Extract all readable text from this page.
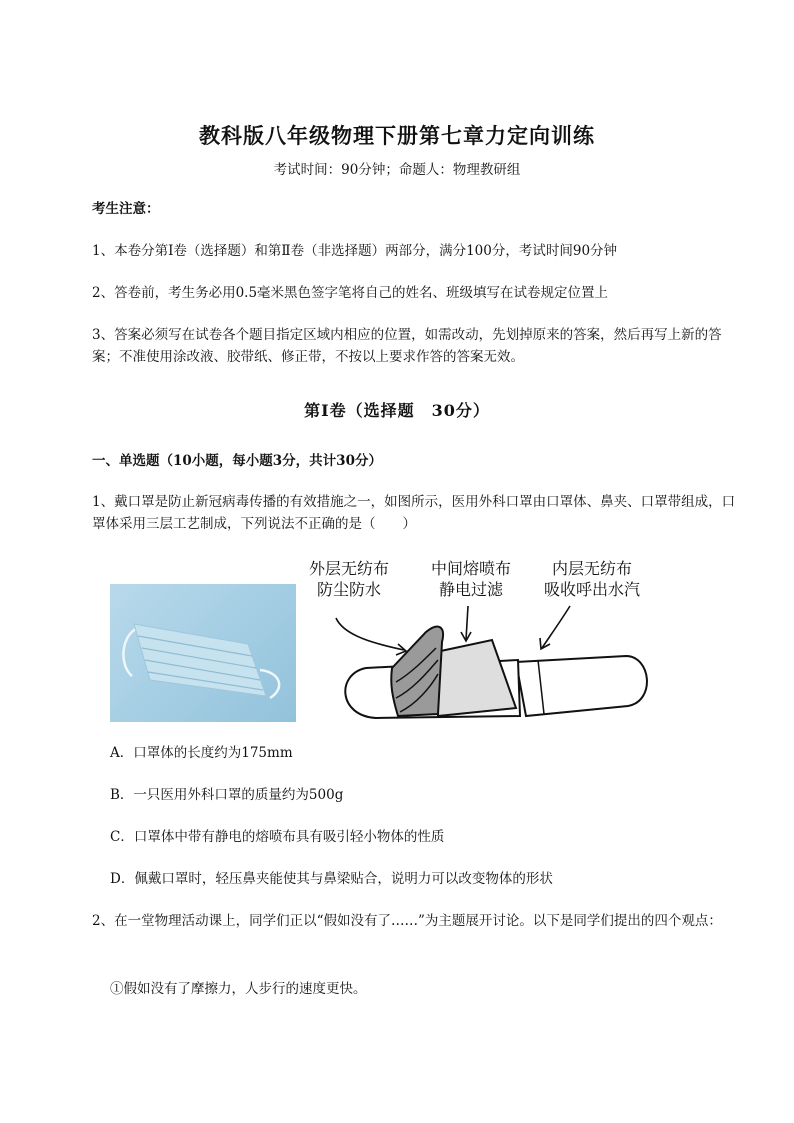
教科版八年级物理下册第七章力定向训练
考试时间：90分钟；命题人：物理教研组
考生注意：
1、本卷分第Ⅰ卷（选择题）和第Ⅱ卷（非选择题）两部分，满分100分，考试时间90分钟
2、答卷前，考生务必用0.5毫米黑色签字笔将自己的姓名、班级填写在试卷规定位置上
3、答案必须写在试卷各个题目指定区域内相应的位置，如需改动，先划掉原来的答案，然后再写上新的答案；不准使用涂改液、胶带纸、修正带，不按以上要求作答的答案无效。
第Ⅰ卷（选择题　30分）
一、单选题（10小题，每小题3分，共计30分）
1、戴口罩是防止新冠病毒传播的有效措施之一，如图所示，医用外科口罩由口罩体、鼻夹、口罩带组成，口罩体采用三层工艺制成，下列说法不正确的是（　　）
外层无纺布
防尘防水
中间熔喷布
静电过滤
内层无纺布
吸收呼出水汽
A．口罩体的长度约为175mm
B．一只医用外科口罩的质量约为500g
C．口罩体中带有静电的熔喷布具有吸引轻小物体的性质
D．佩戴口罩时，轻压鼻夹能使其与鼻梁贴合，说明力可以改变物体的形状
2、在一堂物理活动课上，同学们正以“假如没有了……”为主题展开讨论。以下是同学们提出的四个观点：
①假如没有了摩擦力，人步行的速度更快。
